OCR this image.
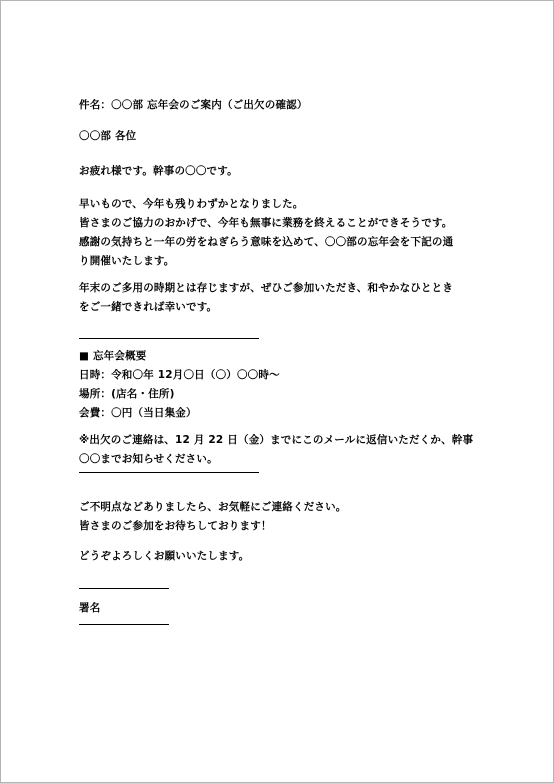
件名：〇〇部 忘年会のご案内（ご出欠の確認）
〇〇部 各位
お疲れ様です。幹事の〇〇です。
早いもので、今年も残りわずかとなりました。
皆さまのご協力のおかげで、今年も無事に業務を終えることができそうです。
感謝の気持ちと一年の労をねぎらう意味を込めて、〇〇部の忘年会を下記の通
り開催いたします。
年末のご多用の時期とは存じますが、ぜひご参加いただき、和やかなひととき
をご一緒できれば幸いです。
■ 忘年会概要
日時：令和〇年 12月〇日（〇）〇〇時～
場所：(店名・住所)
会費：〇円（当日集金）
※出欠のご連絡は、12 月 22 日（金）までにこのメールに返信いただくか、幹事
〇〇までお知らせください。
ご不明点などありましたら、お気軽にご連絡ください。
皆さまのご参加をお待ちしております！
どうぞよろしくお願いいたします。
署名
